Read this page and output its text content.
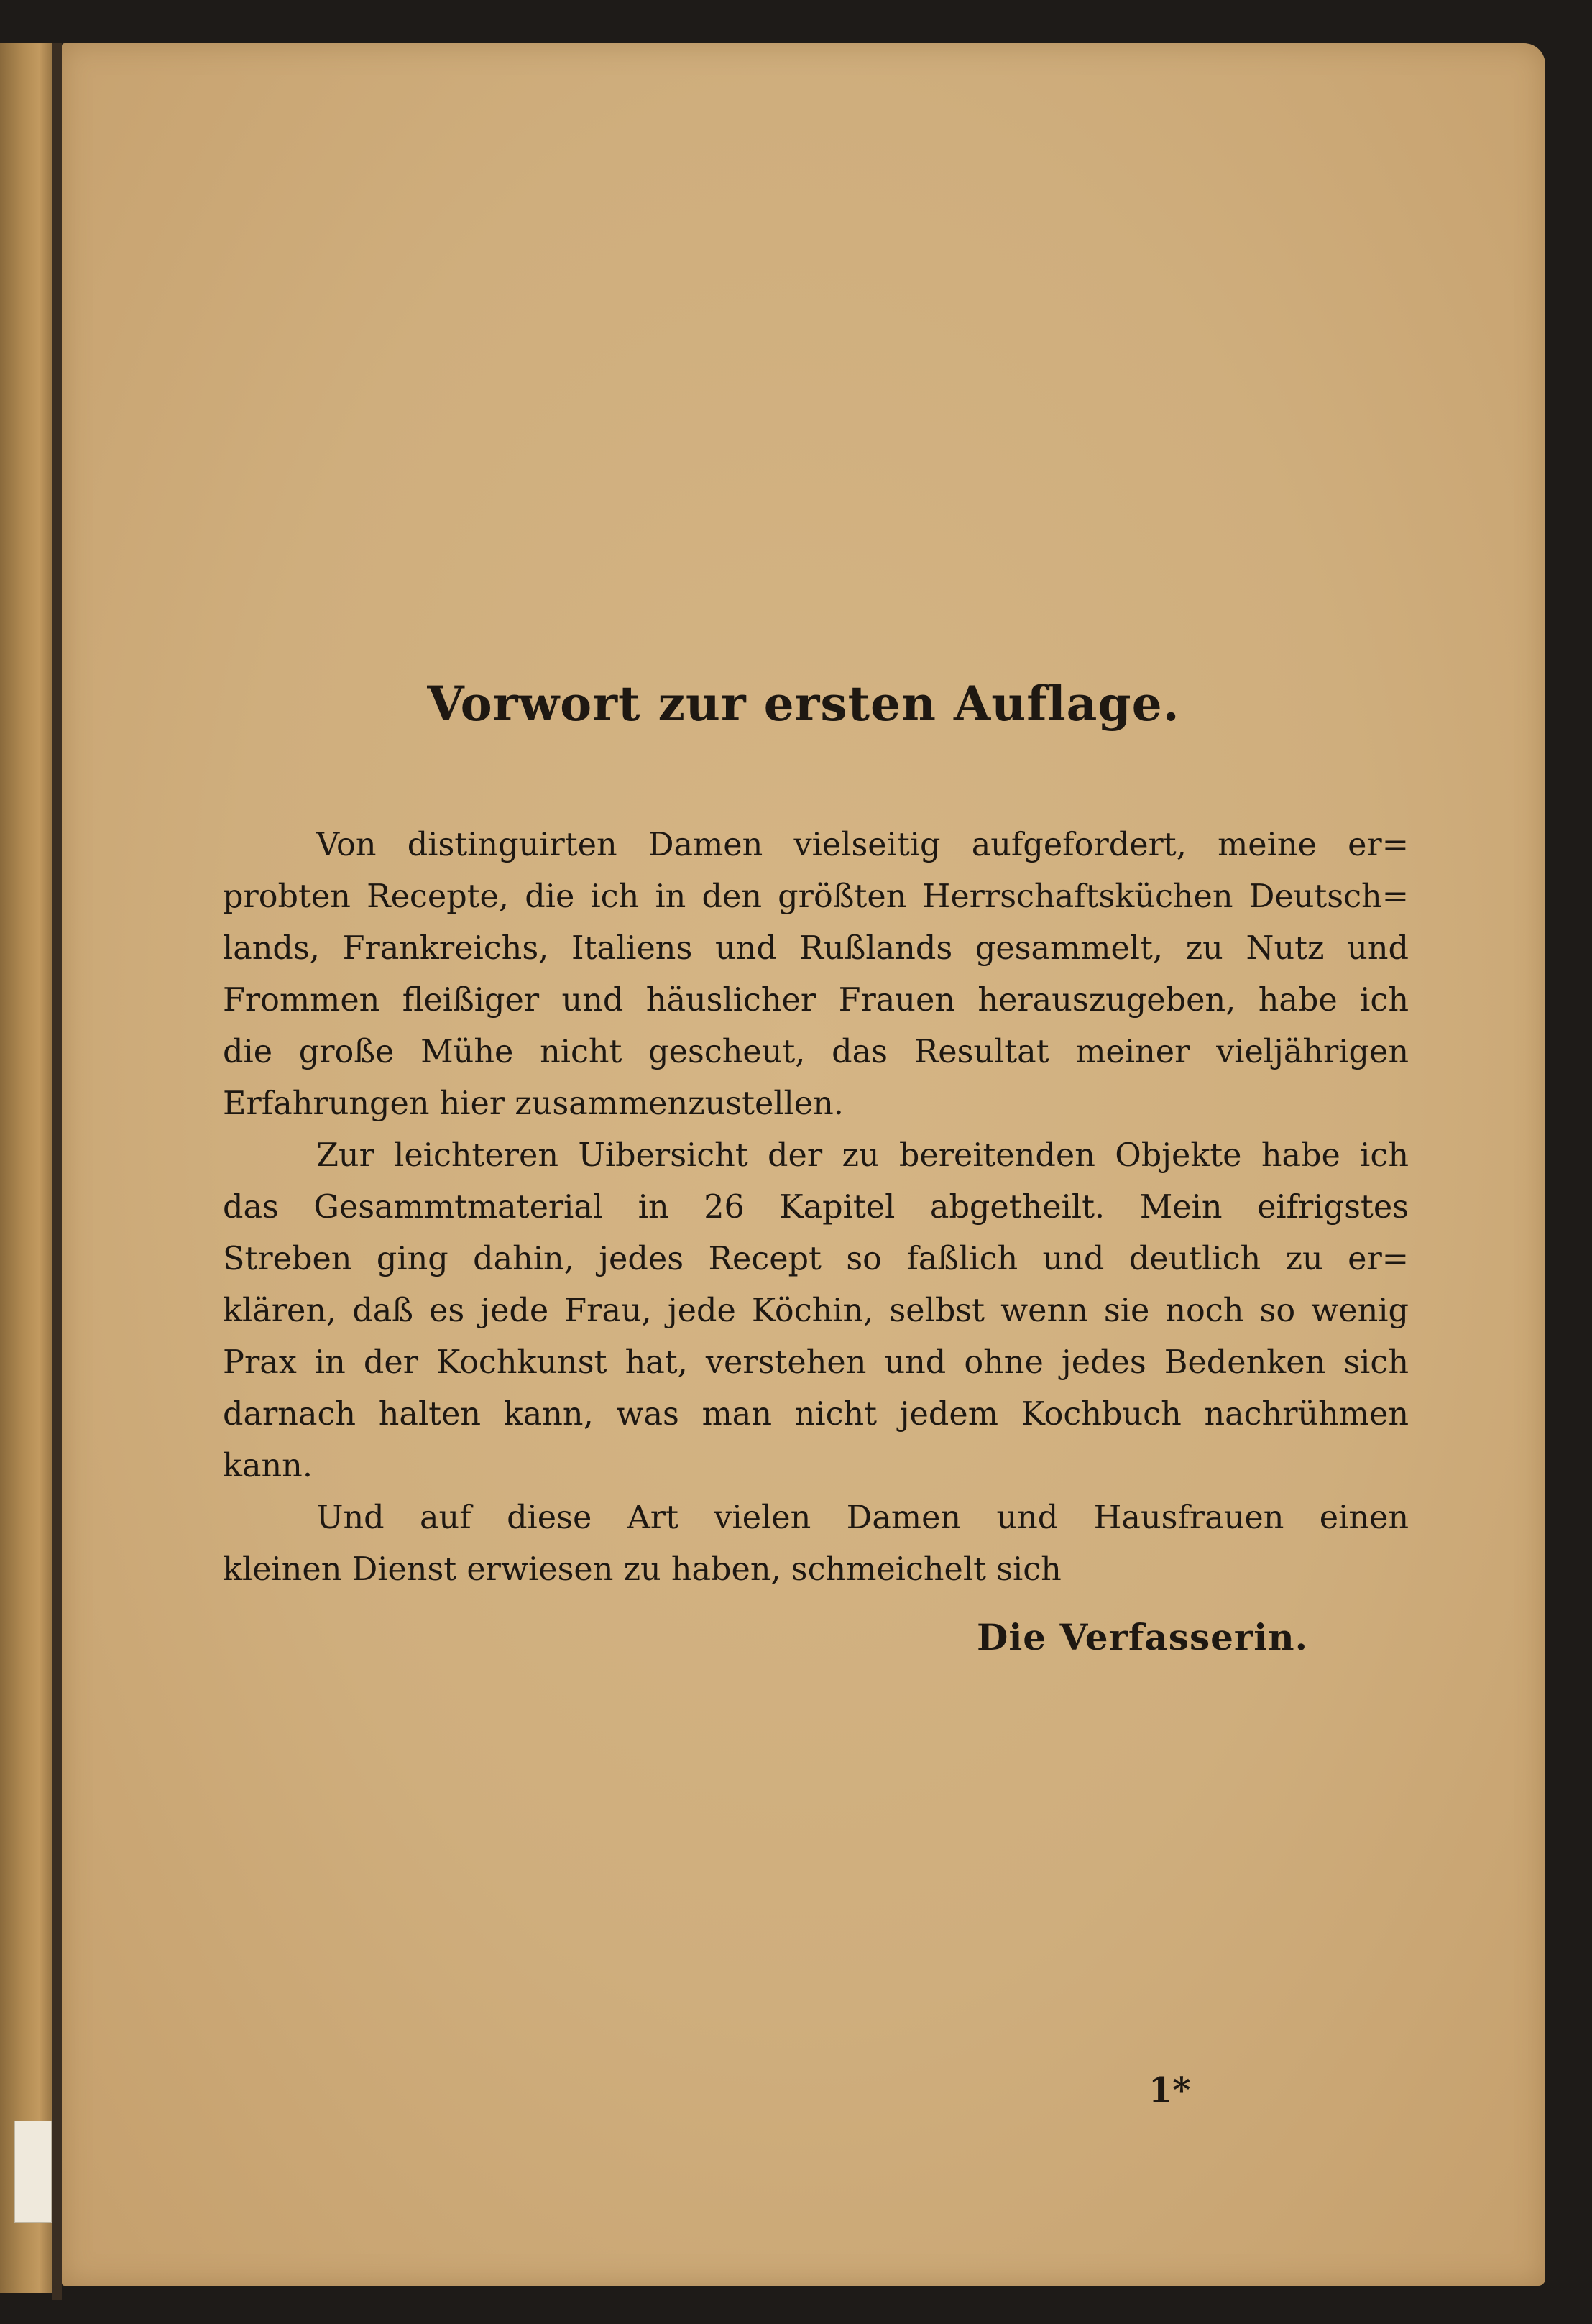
Vorwort zur ersten Auflage.

Von distinguirten Damen vielseitig aufgefordert, meine er=
probten Recepte, die ich in den größten Herrschaftsküchen Deutsch=
lands, Frankreichs, Italiens und Rußlands gesammelt, zu Nutz und
Frommen fleißiger und häuslicher Frauen herauszugeben, habe ich
die große Mühe nicht gescheut, das Resultat meiner vieljährigen
Erfahrungen hier zusammenzustellen.

Zur leichteren Uibersicht der zu bereitenden Objekte habe ich
das Gesammtmaterial in 26 Kapitel abgetheilt. Mein eifrigstes
Streben ging dahin, jedes Recept so faßlich und deutlich zu er=
klären, daß es jede Frau, jede Köchin, selbst wenn sie noch so wenig
Prax in der Kochkunst hat, verstehen und ohne jedes Bedenken sich
darnach halten kann, was man nicht jedem Kochbuch nachrühmen
kann.

Und auf diese Art vielen Damen und Hausfrauen einen
kleinen Dienst erwiesen zu haben, schmeichelt sich

Die Verfasserin.
1*
